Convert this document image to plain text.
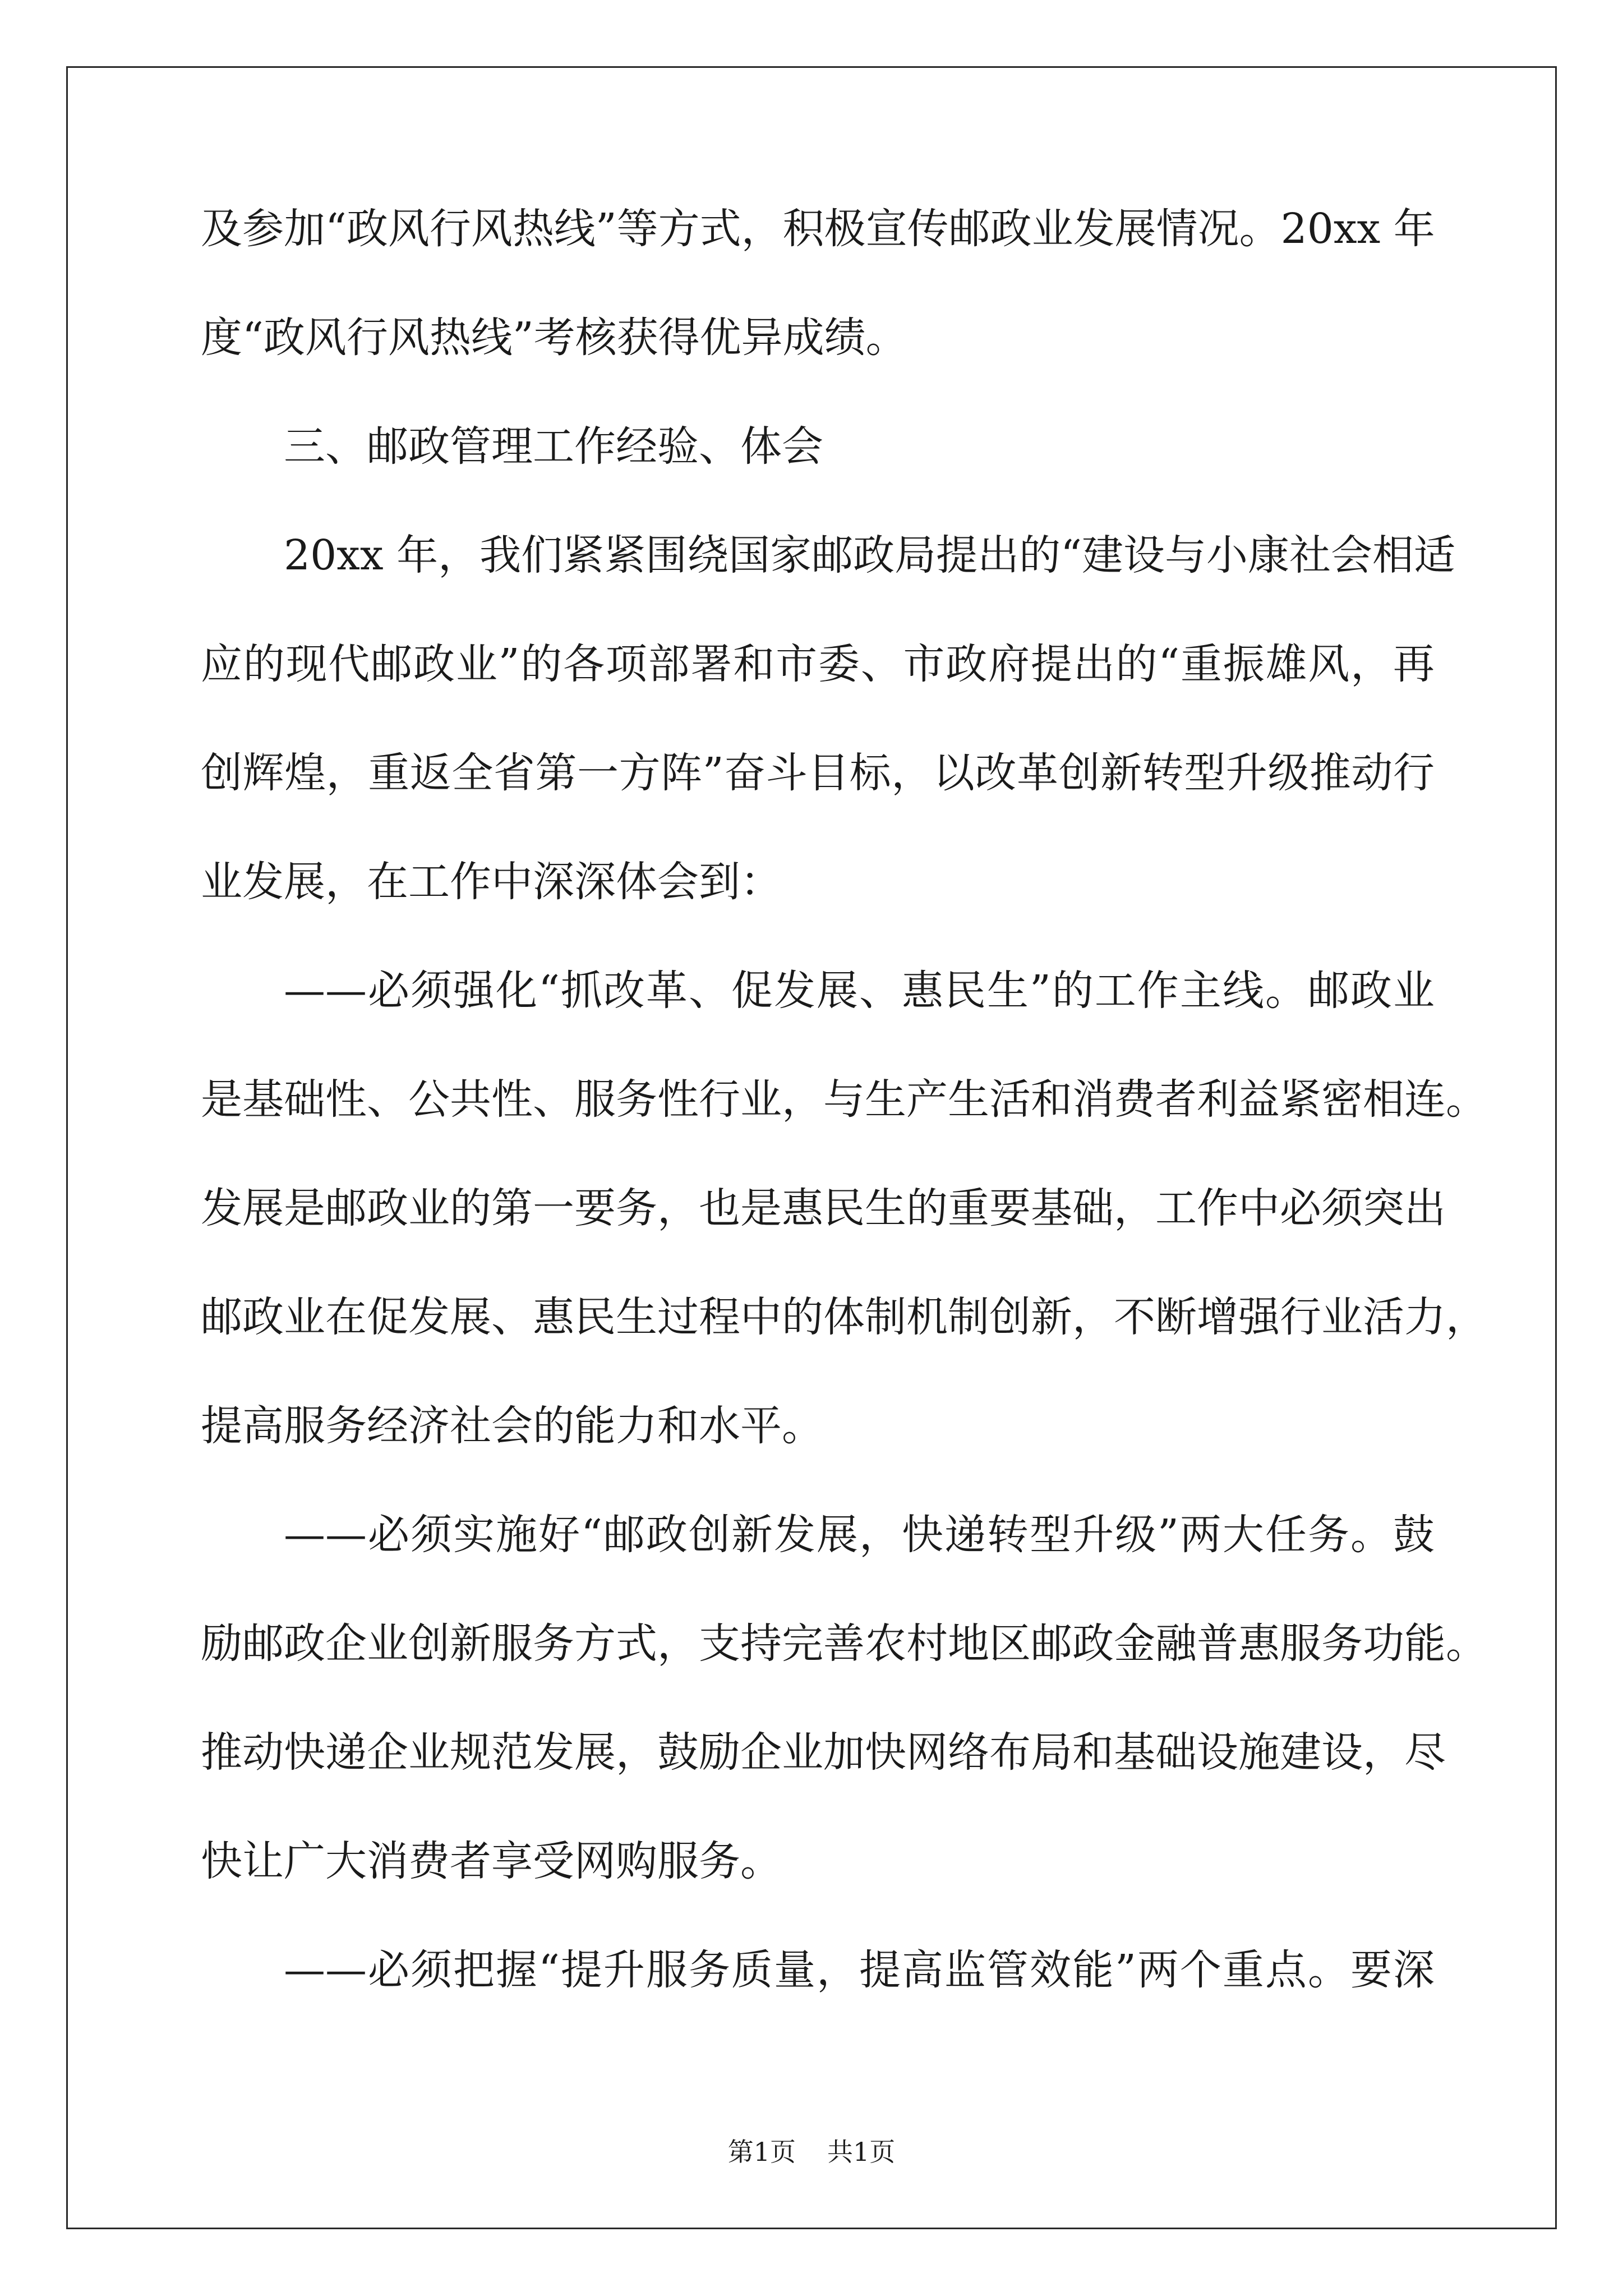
及参加“政风行风热线”等方式，积极宣传邮政业发展情况。20xx 年
度“政风行风热线”考核获得优异成绩。
三、邮政管理工作经验、体会
20xx 年，我们紧紧围绕国家邮政局提出的“建设与小康社会相适
应的现代邮政业”的各项部署和市委、市政府提出的“重振雄风，再
创辉煌，重返全省第一方阵”奋斗目标，以改革创新转型升级推动行
业发展，在工作中深深体会到：
——必须强化“抓改革、促发展、惠民生”的工作主线。邮政业
是基础性、公共性、服务性行业，与生产生活和消费者利益紧密相连。
发展是邮政业的第一要务，也是惠民生的重要基础，工作中必须突出
邮政业在促发展、惠民生过程中的体制机制创新，不断增强行业活力，
提高服务经济社会的能力和水平。
——必须实施好“邮政创新发展，快递转型升级”两大任务。鼓
励邮政企业创新服务方式，支持完善农村地区邮政金融普惠服务功能。
推动快递企业规范发展，鼓励企业加快网络布局和基础设施建设，尽
快让广大消费者享受网购服务。
——必须把握“提升服务质量，提高监管效能”两个重点。要深
第1页 共1页
